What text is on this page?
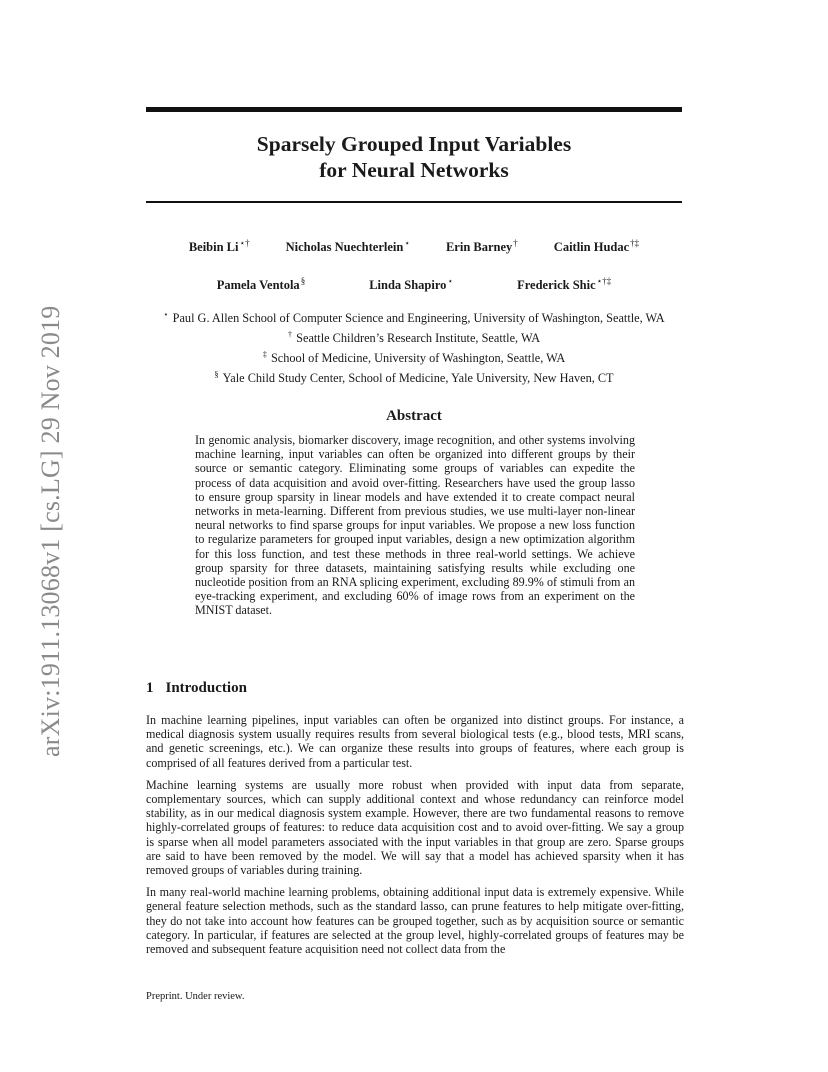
arXiv:1911.13068v1 [cs.LG] 29 Nov 2019
Sparsely Grouped Input Variables
for Neural Networks
Beibin Li⋆†	Nicholas Nuechterlein⋆	Erin Barney†	Caitlin Hudac†‡
Pamela Ventola§	Linda Shapiro⋆	Frederick Shic⋆†‡
⋆ Paul G. Allen School of Computer Science and Engineering, University of Washington, Seattle, WA
† Seattle Children’s Research Institute, Seattle, WA
‡ School of Medicine, University of Washington, Seattle, WA
§ Yale Child Study Center, School of Medicine, Yale University, New Haven, CT
Abstract
In genomic analysis, biomarker discovery, image recognition, and other systems involving machine learning, input variables can often be organized into different groups by their source or semantic category. Eliminating some groups of variables can expedite the process of data acquisition and avoid over-fitting. Researchers have used the group lasso to ensure group sparsity in linear models and have extended it to create compact neural networks in meta-learning. Different from previous studies, we use multi-layer non-linear neural networks to find sparse groups for input variables. We propose a new loss function to regularize parameters for grouped input variables, design a new optimization algorithm for this loss function, and test these methods in three real-world settings. We achieve group sparsity for three datasets, maintaining satisfying results while excluding one nucleotide position from an RNA splicing experiment, excluding 89.9% of stimuli from an eye-tracking experiment, and excluding 60% of image rows from an experiment on the MNIST dataset.
1 Introduction

In machine learning pipelines, input variables can often be organized into distinct groups. For instance, a medical diagnosis system usually requires results from several biological tests (e.g., blood tests, MRI scans, and genetic screenings, etc.). We can organize these results into groups of features, where each group is comprised of all features derived from a particular test.

Machine learning systems are usually more robust when provided with input data from separate, complementary sources, which can supply additional context and whose redundancy can reinforce model stability, as in our medical diagnosis system example. However, there are two fundamental reasons to remove highly-correlated groups of features: to reduce data acquisition cost and to avoid over-fitting. We say a group is sparse when all model parameters associated with the input variables in that group are zero. Sparse groups are said to have been removed by the model. We will say that a model has achieved sparsity when it has removed groups of variables during training.

In many real-world machine learning problems, obtaining additional input data is extremely expensive. While general feature selection methods, such as the standard lasso, can prune features to help mitigate over-fitting, they do not take into account how features can be grouped together, such as by acquisition source or semantic category. In particular, if features are selected at the group level, highly-correlated groups of features may be removed and subsequent feature acquisition need not collect data from the

Preprint. Under review.
